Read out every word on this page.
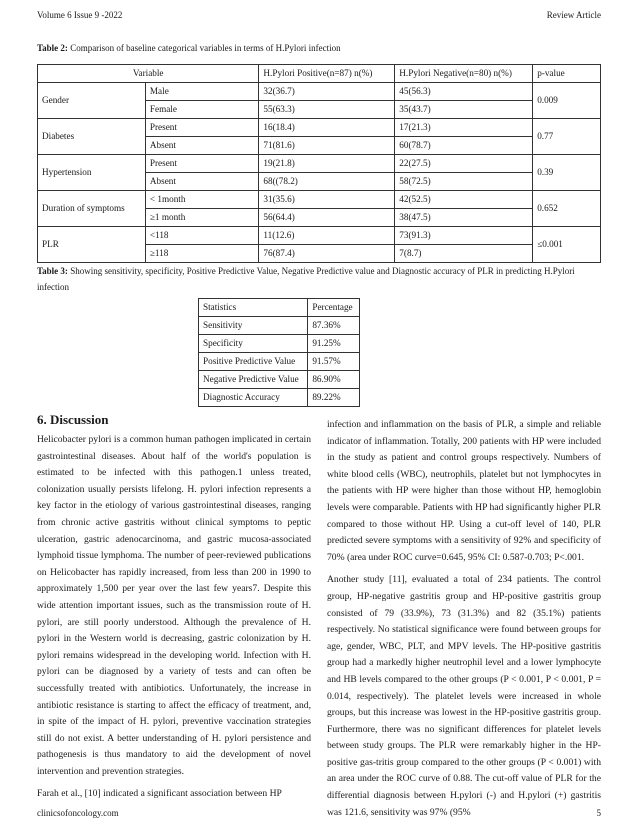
Volume 6 Issue 9 -2022	Review Article
Table 2: Comparison of baseline categorical variables in terms of H.Pylori infection
Variable		H.Pylori Positive(n=87) n(%)	H.Pylori Negative(n=80) n(%)	p-value
Gender	Male	32(36.7)	45(56.3)	0.009
	Female	55(63.3)	35(43.7)	
Diabetes	Present	16(18.4)	17(21.3)	0.77
	Absent	71(81.6)	60(78.7)	
Hypertension	Present	19(21.8)	22(27.5)	0.39
	Absent	68((78.2)	58(72.5)	
Duration of symptoms	< 1month	31(35.6)	42(52.5)	0.652
	≥1 month	56(64.4)	38(47.5)	
PLR	<118	11(12.6)	73(91.3)	≤0.001
	≥118	76(87.4)	7(8.7)	
Table 3: Showing sensitivity, specificity, Positive Predictive Value, Negative Predictive value and Diagnostic accuracy of PLR in predicting H.Pylori infection
Statistics	Percentage
Sensitivity	87.36%
Specificity	91.25%
Positive Predictive Value	91.57%
Negative Predictive Value	86.90%
Diagnostic Accuracy	89.22%
6. Discussion

Helicobacter pylori is a common human pathogen implicated in certain gastrointestinal diseases. About half of the world's population is estimated to be infected with this pathogen.1 unless treated, colonization usually persists lifelong. H. pylori infection represents a key factor in the etiology of various gastrointestinal diseases, ranging from chronic active gastritis without clinical symptoms to peptic ulceration, gastric adenocarcinoma, and gastric mucosa-associated lymphoid tissue lymphoma. The number of peer-reviewed publications on Helicobacter has rapidly increased, from less than 200 in 1990 to approximately 1,500 per year over the last few years7. Despite this wide attention important issues, such as the transmission route of H. pylori, are still poorly understood. Although the prevalence of H. pylori in the Western world is decreasing, gastric colonization by H. pylori remains widespread in the developing world. Infection with H. pylori can be diagnosed by a variety of tests and can often be successfully treated with antibiotics. Unfortunately, the increase in antibiotic resistance is starting to affect the efficacy of treatment, and, in spite of the impact of H. pylori, preventive vaccination strategies still do not exist. A better understanding of H. pylori persistence and pathogenesis is thus mandatory to aid the development of novel intervention and prevention strategies.

Farah et al., [10] indicated a significant association between HP

infection and inflammation on the basis of PLR, a simple and reliable indicator of inflammation. Totally, 200 patients with HP were included in the study as patient and control groups respectively. Numbers of white blood cells (WBC), neutrophils, platelet but not lymphocytes in the patients with HP were higher than those without HP, hemoglobin levels were comparable. Patients with HP had significantly higher PLR compared to those without HP. Using a cut-off level of 140, PLR predicted severe symptoms with a sensitivity of 92% and specificity of 70% (area under ROC curve=0.645, 95% CI: 0.587-0.703; P<.001.

Another study [11], evaluated a total of 234 patients. The control group, HP-negative gastritis group and HP-positive gastritis group consisted of 79 (33.9%), 73 (31.3%) and 82 (35.1%) patients respectively. No statistical significance were found between groups for age, gender, WBC, PLT, and MPV levels. The HP-positive gastritis group had a markedly higher neutrophil level and a lower lymphocyte and HB levels compared to the other groups (P < 0.001, P < 0.001, P = 0.014, respectively). The platelet levels were increased in whole groups, but this increase was lowest in the HP-positive gastritis group. Furthermore, there was no significant differences for platelet levels between study groups. The PLR were remarkably higher in the HP-positive gas-tritis group compared to the other groups (P < 0.001) with an area under the ROC curve of 0.88. The cut-off value of PLR for the differential diagnosis between H.pylori (-) and H.pylori (+) gastritis was 121.6, sensitivity was 97% (95%

clinicsofoncology.com	5
